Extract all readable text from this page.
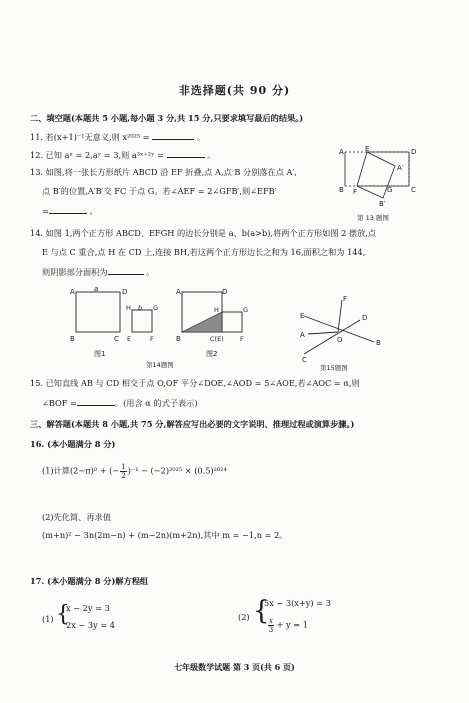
非选择题(共 90 分)
二、填空题(本题共 5 小题,每小题 3 分,共 15 分,只要求填写最后的结果。)
11. 若(x+1)⁻¹无意义,则 x²⁰²⁵ =	。
12. 已知 aˣ = 2,aʸ = 3,则 a³ˣ⁺²ʸ =	。
13. 如图,将一张长方形纸片 ABCD 沿 EF 折叠,点 A,点 B 分别落在点 A′,
点 B′的位置,A′B′交 FC 于点 G。若∠AEF = 2∠GFB′,则∠EFB′
=	。
A	E	D
A′
B F	G	C
B′
第 13 题图
14. 如图 1,两个正方形 ABCD、EFGH 的边长分别是 a、b(a>b),将两个正方形如图 2 摆放,点
E 与点 C 重合,点 H 在 CD 上,连接 BH,若这两个正方形边长之和为 16,面积之和为 144,
则阴影部分面积为	。
A	a	D
B	C
H b G
E	F
图1
A	D
H	G
B	C(E)	F
图2
第14题图
F
D
E
A
O	B
C
第15题图
15. 已知直线 AB 与 CD 相交于点 O,OF 平分∠DOE,∠AOD = 5∠AOE,若∠AOC = α,则
∠BOF =	。(用含 α 的式子表示)
三、解答题(本题共 8 小题,共 75 分,解答应写出必要的文字说明、推理过程或演算步骤。)
16. (本小题满分 8 分)
(1)计算(2−π)⁰ + (− $\frac{1}{2} )^{-1} - (-2)^{2025} \times (0.5)^{2024}$
(2)先化简、再求值
(m+n)² − 3n(2m−n) + (m−2n)(m+2n),其中 m = −1,n = 2。
17. (本小题满分 8 分)解方程组
(1) {
x − 2y = 3
2x − 3y = 4
(2) {
5x − 3(x+y) = 3
$\frac{x}{3} + y = 1$
七年级数学试题 第 3 页(共 6 页)
